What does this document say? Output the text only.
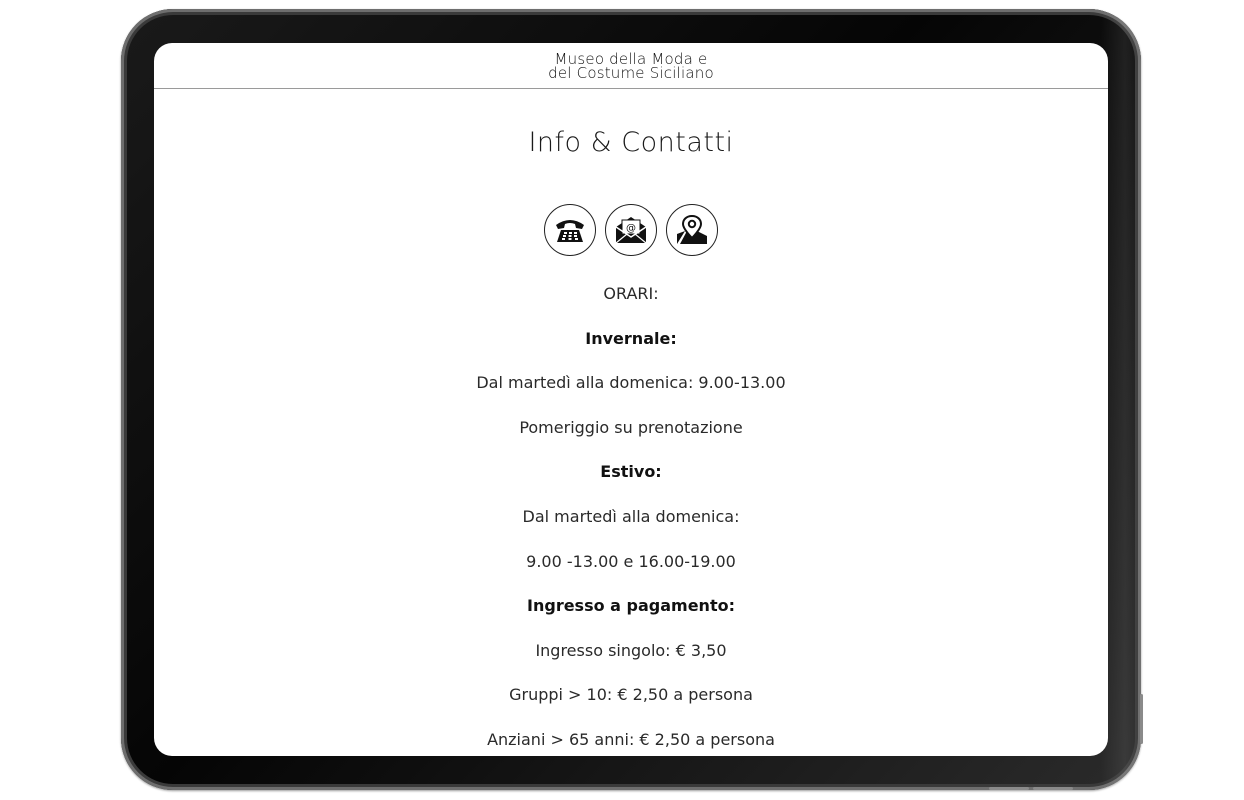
Museo della Moda e
del Costume Siciliano
Info & Contatti
@

ORARI:

Invernale:

Dal martedì alla domenica: 9.00-13.00

Pomeriggio su prenotazione

Estivo:

Dal martedì alla domenica:

9.00 -13.00 e 16.00-19.00

Ingresso a pagamento:

Ingresso singolo: € 3,50

Gruppi > 10: € 2,50 a persona

Anziani > 65 anni: € 2,50 a persona
